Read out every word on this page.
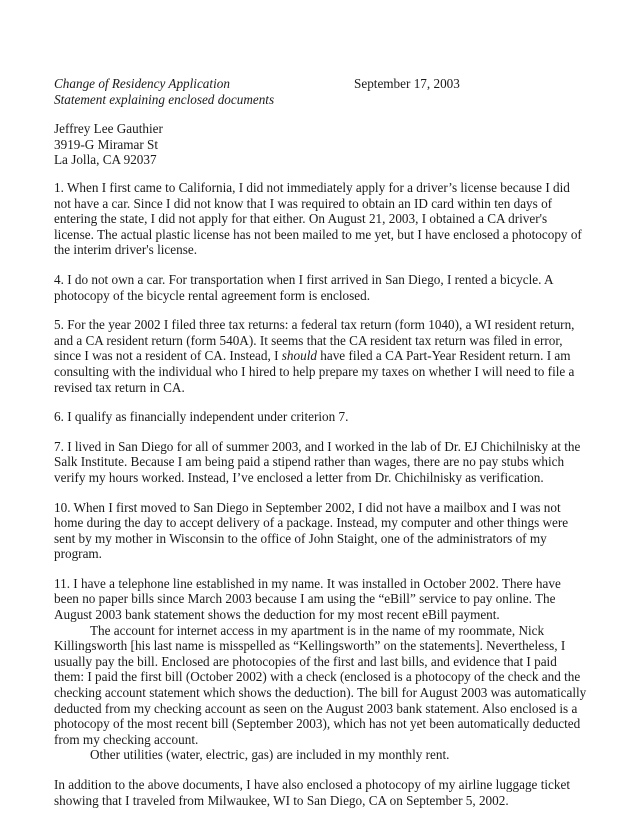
Change of Residency Application	September 17, 2003
Statement explaining enclosed documents
Jeffrey Lee Gauthier
3919-G Miramar St
La Jolla, CA 92037

1. When I first came to California, I did not immediately apply for a driver’s license because I did not have a car. Since I did not know that I was required to obtain an ID card within ten days of entering the state, I did not apply for that either. On August 21, 2003, I obtained a CA driver's license. The actual plastic license has not been mailed to me yet, but I have enclosed a photocopy of the interim driver's license.

4. I do not own a car. For transportation when I first arrived in San Diego, I rented a bicycle. A photocopy of the bicycle rental agreement form is enclosed.

5. For the year 2002 I filed three tax returns: a federal tax return (form 1040), a WI resident return, and a CA resident return (form 540A). It seems that the CA resident tax return was filed in error, since I was not a resident of CA. Instead, I should have filed a CA Part-Year Resident return. I am consulting with the individual who I hired to help prepare my taxes on whether I will need to file a revised tax return in CA.

6. I qualify as financially independent under criterion 7.

7. I lived in San Diego for all of summer 2003, and I worked in the lab of Dr. EJ Chichilnisky at the Salk Institute. Because I am being paid a stipend rather than wages, there are no pay stubs which verify my hours worked. Instead, I’ve enclosed a letter from Dr. Chichilnisky as verification.

10. When I first moved to San Diego in September 2002, I did not have a mailbox and I was not home during the day to accept delivery of a package. Instead, my computer and other things were sent by my mother in Wisconsin to the office of John Staight, one of the administrators of my program.

11. I have a telephone line established in my name. It was installed in October 2002. There have been no paper bills since March 2003 because I am using the “eBill” service to pay online. The August 2003 bank statement shows the deduction for my most recent eBill payment.

The account for internet access in my apartment is in the name of my roommate, Nick Killingsworth [his last name is misspelled as “Kellingsworth” on the statements]. Nevertheless, I usually pay the bill. Enclosed are photocopies of the first and last bills, and evidence that I paid them: I paid the first bill (October 2002) with a check (enclosed is a photocopy of the check and the checking account statement which shows the deduction). The bill for August 2003 was automatically deducted from my checking account as seen on the August 2003 bank statement. Also enclosed is a photocopy of the most recent bill (September 2003), which has not yet been automatically deducted from my checking account.

Other utilities (water, electric, gas) are included in my monthly rent.

In addition to the above documents, I have also enclosed a photocopy of my airline luggage ticket showing that I traveled from Milwaukee, WI to San Diego, CA on September 5, 2002.
